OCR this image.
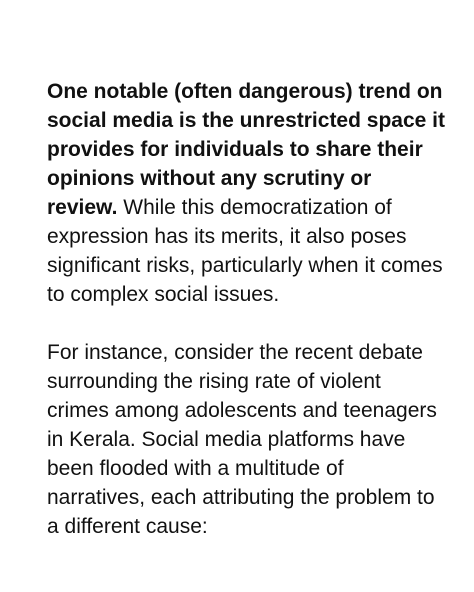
One notable (often dangerous) trend on social media is the unrestricted space it provides for individuals to share their opinions without any scrutiny or review. While this democratization of expression has its merits, it also poses significant risks, particularly when it comes to complex social issues.

For instance, consider the recent debate surrounding the rising rate of violent crimes among adolescents and teenagers in Kerala. Social media platforms have been flooded with a multitude of narratives, each attributing the problem to a different cause:
